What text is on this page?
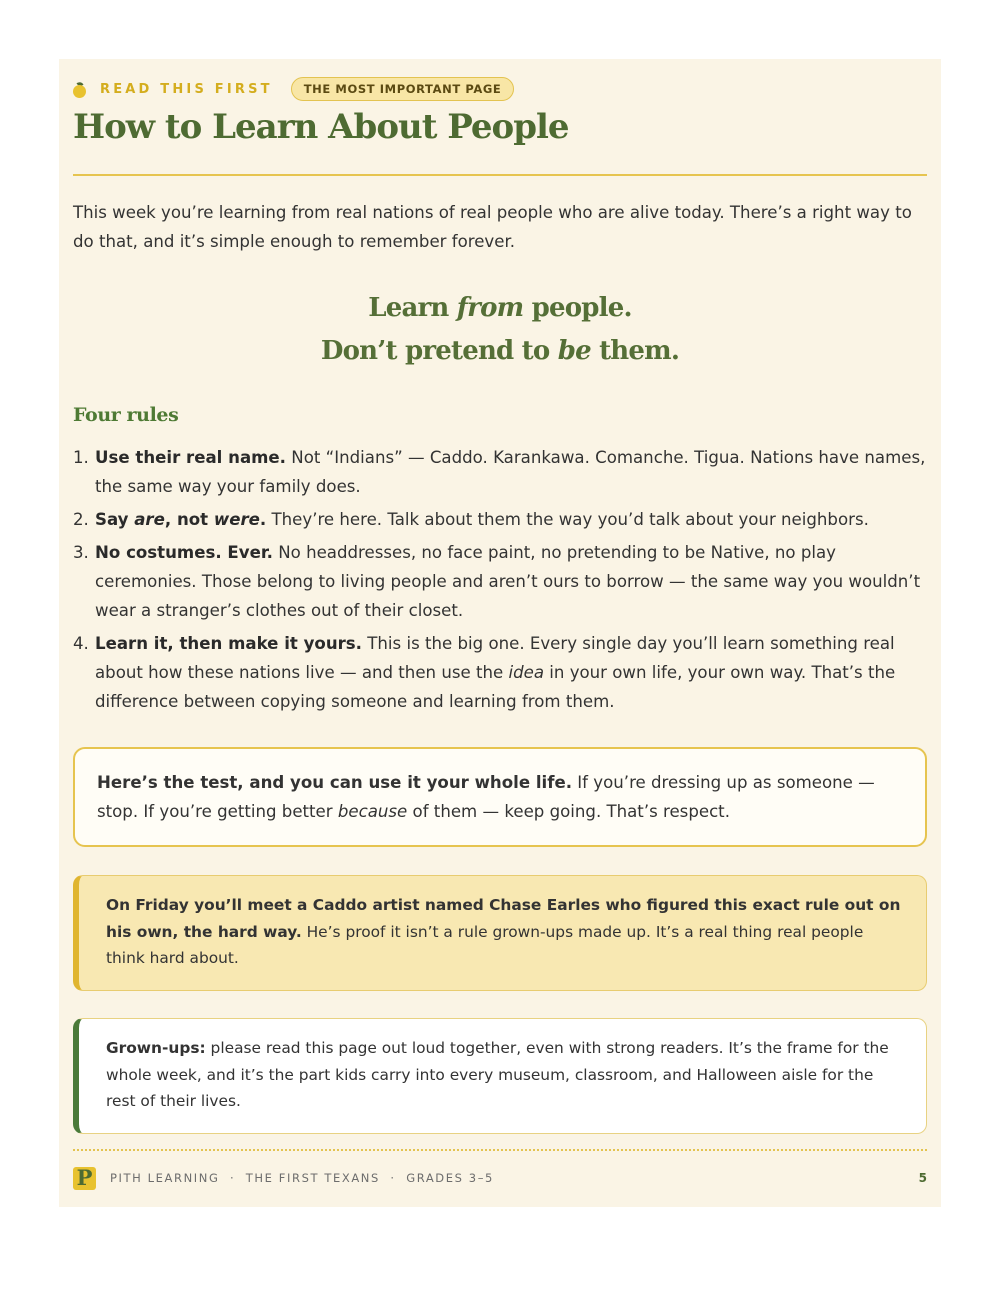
READ THIS FIRST	THE MOST IMPORTANT PAGE
How to Learn About People

This week you’re learning from real nations of real people who are alive today. There’s a right way to do that, and it’s simple enough to remember forever.

Learn from people.
Don’t pretend to be them.
Four rules
1. Use their real name. Not “Indians” — Caddo. Karankawa. Comanche. Tigua. Nations have names, the same way your family does.
2. Say are, not were. They’re here. Talk about them the way you’d talk about your neighbors.
3. No costumes. Ever. No headdresses, no face paint, no pretending to be Native, no play ceremonies. Those belong to living people and aren’t ours to borrow — the same way you wouldn’t wear a stranger’s clothes out of their closet.
4. Learn it, then make it yours. This is the big one. Every single day you’ll learn something real about how these nations live — and then use the idea in your own life, your own way. That’s the difference between copying someone and learning from them.

Here’s the test, and you can use it your whole life. If you’re dressing up as someone — stop. If you’re getting better because of them — keep going. That’s respect.

On Friday you’ll meet a Caddo artist named Chase Earles who figured this exact rule out on his own, the hard way. He’s proof it isn’t a rule grown-ups made up. It’s a real thing real people think hard about.

Grown-ups: please read this page out loud together, even with strong readers. It’s the frame for the whole week, and it’s the part kids carry into every museum, classroom, and Halloween aisle for the rest of their lives.

P	PITH LEARNING · THE FIRST TEXANS · GRADES 3–5	5
